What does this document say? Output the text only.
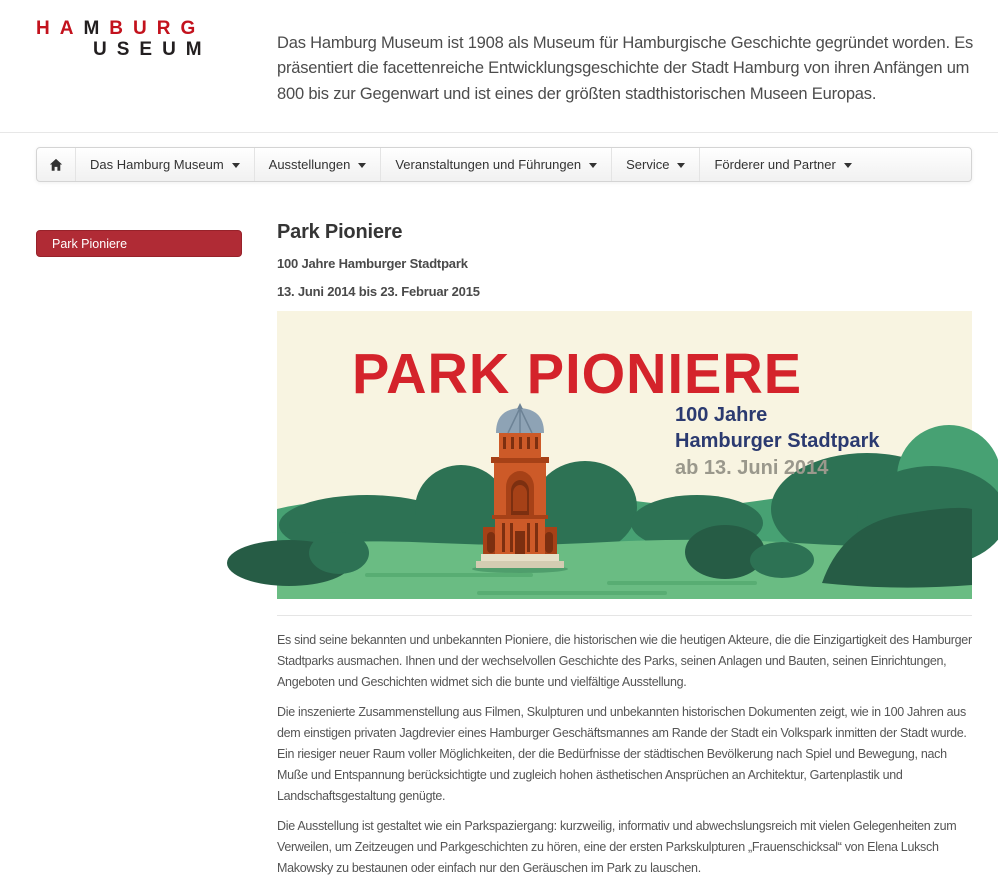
HAMBURG
USEUM	Das Hamburg Museum ist 1908 als Museum für Hamburgische Geschichte gegründet worden. Es präsentiert die facettenreiche Entwicklungsgeschichte der Stadt Hamburg von ihren Anfängen um 800 bis zur Gegenwart und ist eines der größten stadthistorischen Museen Europas.

Das Hamburg Museum	Ausstellungen	Veranstaltungen und Führungen	Service	Förderer und Partner
Park Pioniere
Park Pioniere

100 Jahre Hamburger Stadtpark

13. Juni 2014 bis 23. Februar 2015

PARK PIONIERE
100 Jahre
Hamburger Stadtpark
ab 13. Juni 2014

Es sind seine bekannten und unbekannten Pioniere, die historischen wie die heutigen Akteure, die die Einzigartigkeit des Hamburger Stadtparks ausmachen. Ihnen und der wechselvollen Geschichte des Parks, seinen Anlagen und Bauten, seinen Einrichtungen, Angeboten und Geschichten widmet sich die bunte und vielfältige Ausstellung.

Die inszenierte Zusammenstellung aus Filmen, Skulpturen und unbekannten historischen Dokumenten zeigt, wie in 100 Jahren aus dem einstigen privaten Jagdrevier eines Hamburger Geschäftsmannes am Rande der Stadt ein Volkspark inmitten der Stadt wurde. Ein riesiger neuer Raum voller Möglichkeiten, der die Bedürfnisse der städtischen Bevölkerung nach Spiel und Bewegung, nach Muße und Entspannung berücksichtigte und zugleich hohen ästhetischen Ansprüchen an Architektur, Gartenplastik und Landschaftsgestaltung genügte.

Die Ausstellung ist gestaltet wie ein Parkspaziergang: kurzweilig, informativ und abwechslungsreich mit vielen Gelegenheiten zum Verweilen, um Zeitzeugen und Parkgeschichten zu hören, eine der ersten Parkskulpturen „Frauenschicksal“ von Elena Luksch Makowsky zu bestaunen oder einfach nur den Geräuschen im Park zu lauschen.
